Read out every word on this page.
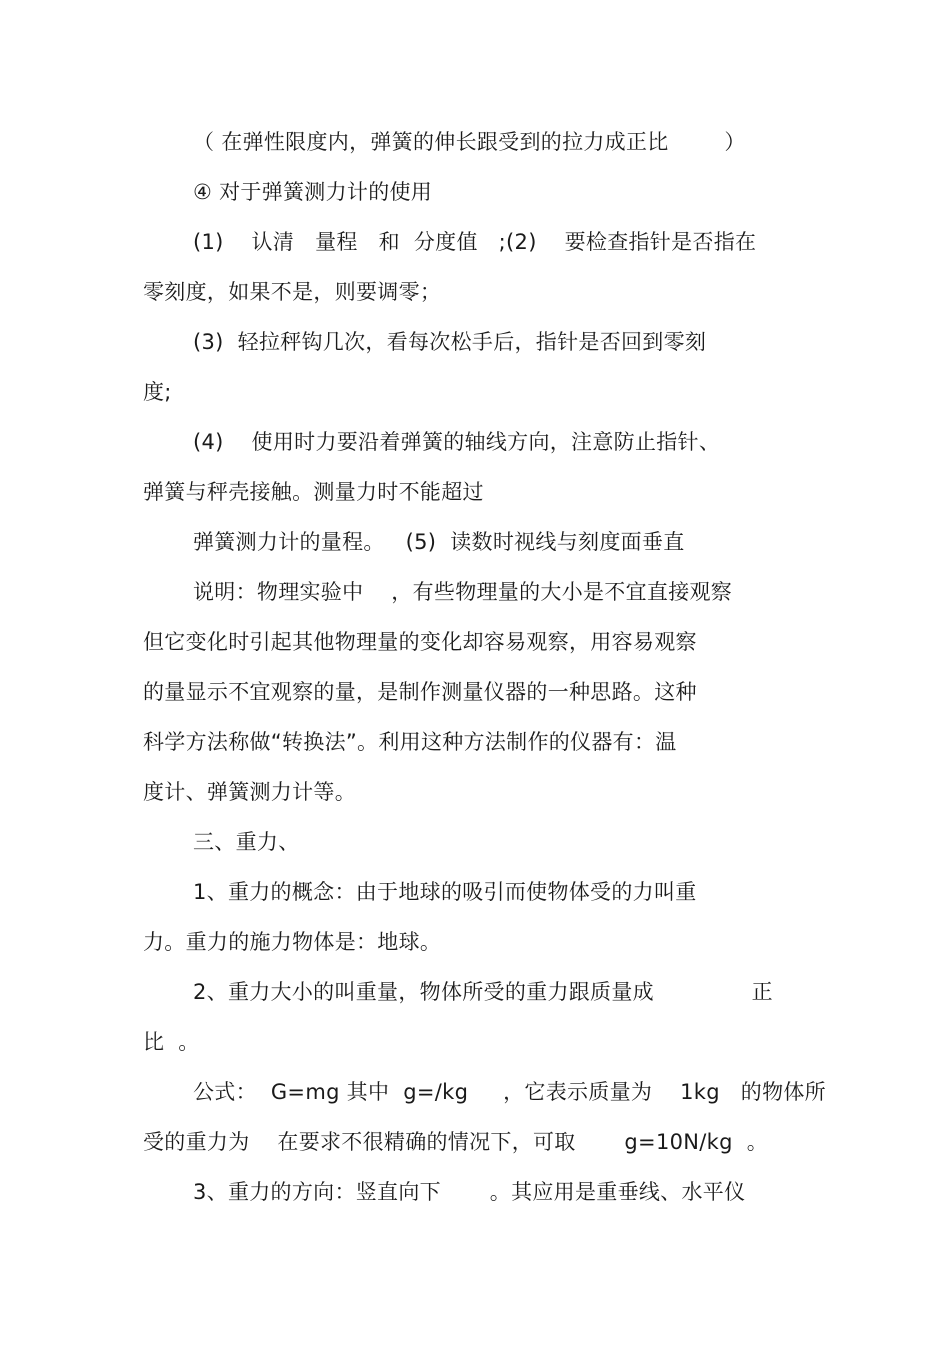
（ 在弹性限度内，弹簧的伸长跟受到的拉力成正比        ）
④ 对于弹簧测力计的使用
(1)    认清   量程   和  分度值   ;(2)    要检查指针是否指在
零刻度，如果不是，则要调零；
(3)  轻拉秤钩几次，看每次松手后，指针是否回到零刻
度;
(4)    使用时力要沿着弹簧的轴线方向，注意防止指针、
弹簧与秤壳接触。测量力时不能超过
弹簧测力计的量程。   (5)  读数时视线与刻度面垂直
说明：物理实验中    ，有些物理量的大小是不宜直接观察
但它变化时引起其他物理量的变化却容易观察，用容易观察
的量显示不宜观察的量，是制作测量仪器的一种思路。这种
科学方法称做“转换法”。利用这种方法制作的仪器有：温
度计、弹簧测力计等。
三、重力、
1、重力的概念：由于地球的吸引而使物体受的力叫重
力。重力的施力物体是：地球。
2、重力大小的叫重量，物体所受的重力跟质量成              正
比  。
公式：  G=mg 其中  g=/kg     ，它表示质量为    1kg   的物体所
受的重力为    在要求不很精确的情况下，可取       g=10N/kg  。
3、重力的方向：竖直向下       。其应用是重垂线、水平仪
